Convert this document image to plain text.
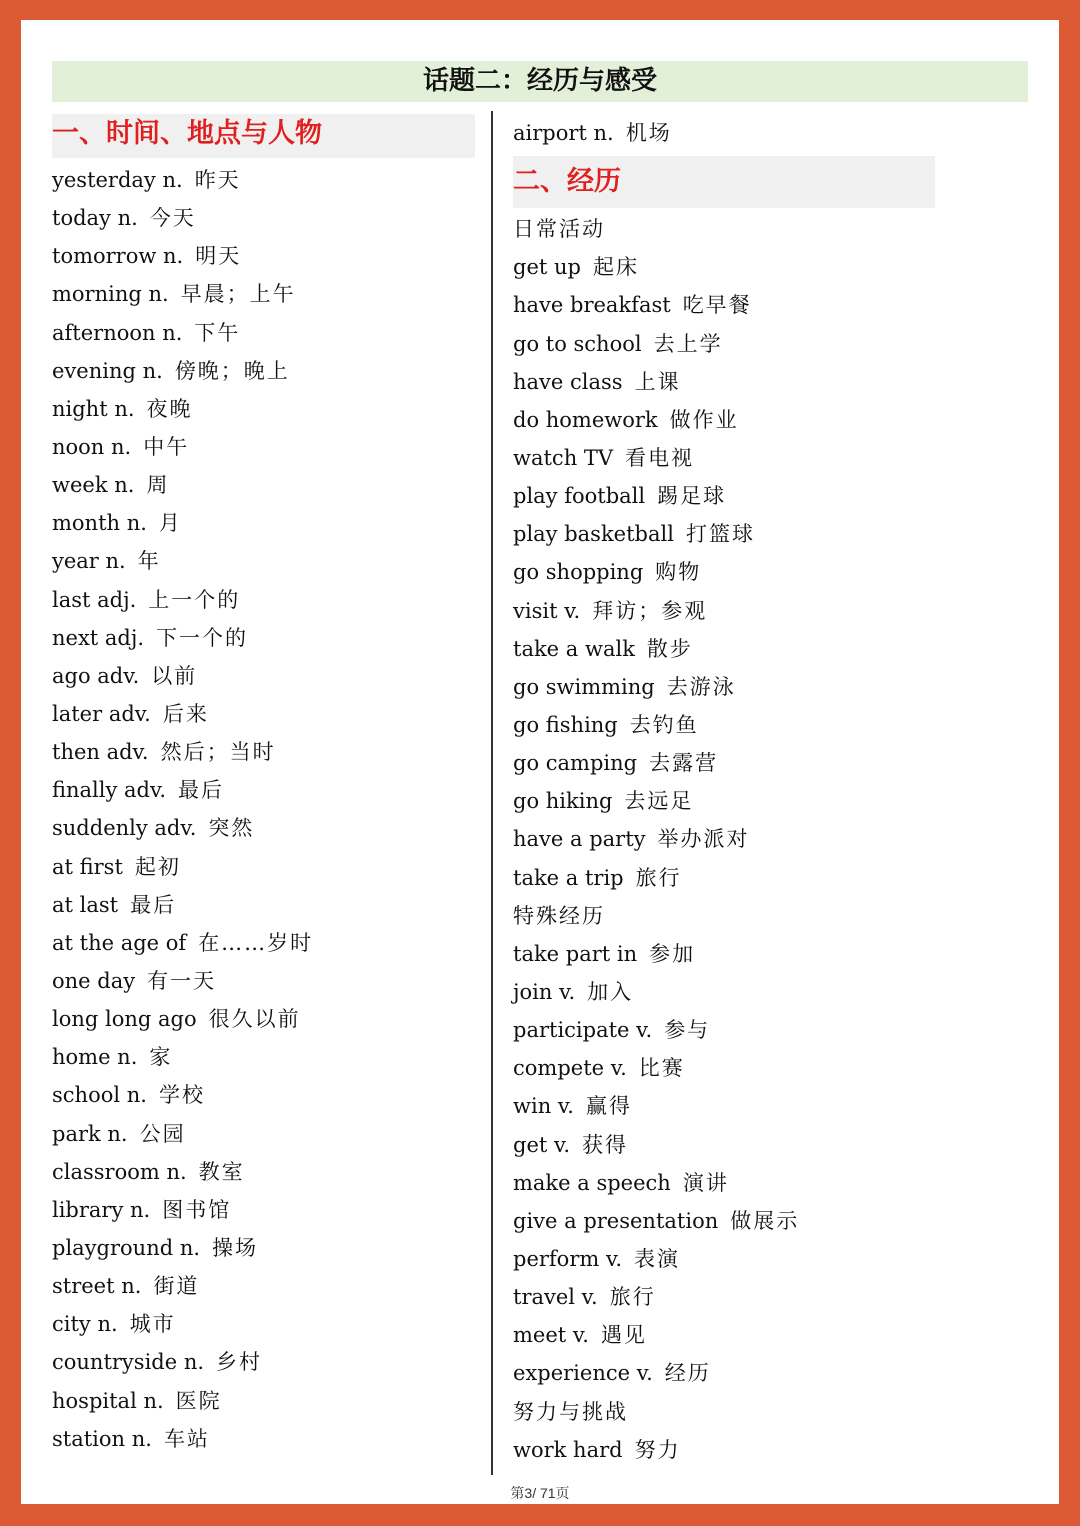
话题二：经历与感受
一、时间、地点与人物
yesterday n. 昨天
today n. 今天
tomorrow n. 明天
morning n. 早晨；上午
afternoon n. 下午
evening n. 傍晚；晚上
night n. 夜晚
noon n. 中午
week n. 周
month n. 月
year n. 年
last adj. 上一个的
next adj. 下一个的
ago adv. 以前
later adv. 后来
then adv. 然后；当时
finally adv. 最后
suddenly adv. 突然
at first 起初
at last 最后
at the age of 在……岁时
one day 有一天
long long ago 很久以前
home n. 家
school n. 学校
park n. 公园
classroom n. 教室
library n. 图书馆
playground n. 操场
street n. 街道
city n. 城市
countryside n. 乡村
hospital n. 医院
station n. 车站
airport n. 机场
二、经历
日常活动
get up 起床
have breakfast 吃早餐
go to school 去上学
have class 上课
do homework 做作业
watch TV 看电视
play football 踢足球
play basketball 打篮球
go shopping 购物
visit v. 拜访；参观
take a walk 散步
go swimming 去游泳
go fishing 去钓鱼
go camping 去露营
go hiking 去远足
have a party 举办派对
take a trip 旅行
特殊经历
take part in 参加
join v. 加入
participate v. 参与
compete v. 比赛
win v. 赢得
get v. 获得
make a speech 演讲
give a presentation 做展示
perform v. 表演
travel v. 旅行
meet v. 遇见
experience v. 经历
努力与挑战
work hard 努力
第3/ 71页
